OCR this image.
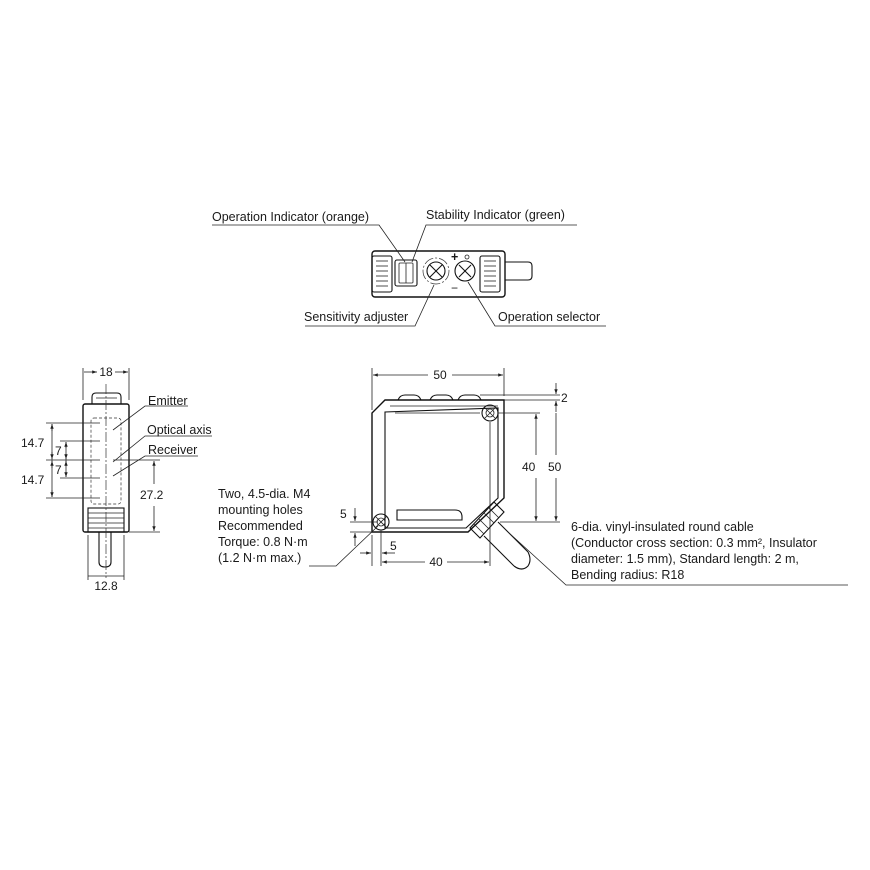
+
−
Operation Indicator (orange)	Stability Indicator (green)
Sensitivity adjuster	Operation selector
18
14.7
7
7
14.7
27.2
Emitter
Optical axis
Receiver
12.8
50
2
40 50
5
5
40
Two, 4.5-dia. M4
mounting holes
Recommended
Torque: 0.8 N·m
(1.2 N·m max.)
6-dia. vinyl-insulated round cable
(Conductor cross section: 0.3 mm², Insulator
diameter: 1.5 mm), Standard length: 2 m,
Bending radius: R18
